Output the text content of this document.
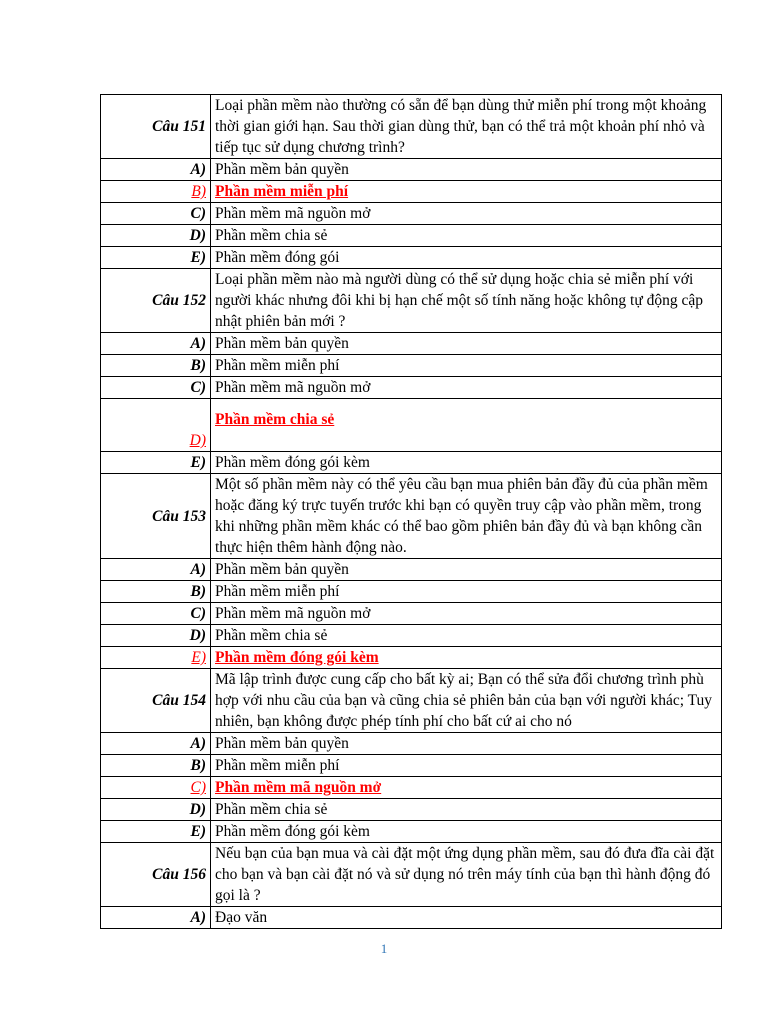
Câu 151	Loại phần mềm nào thường có sẵn để bạn dùng thử miễn phí trong một khoảng thời gian giới hạn. Sau thời gian dùng thử, bạn có thể trả một khoản phí nhỏ và tiếp tục sử dụng chương trình?
A)	Phần mềm bản quyền
B)	Phần mềm miễn phí
C)	Phần mềm mã nguồn mở
D)	Phần mềm chia sẻ
E)	Phần mềm đóng gói
Câu 152	Loại phần mềm nào mà người dùng có thể sử dụng hoặc chia sẻ miễn phí với người khác nhưng đôi khi bị hạn chế một số tính năng hoặc không tự động cập nhật phiên bản mới ?
A)	Phần mềm bản quyền
B)	Phần mềm miễn phí
C)	Phần mềm mã nguồn mở
D)	Phần mềm chia sẻ
E)	Phần mềm đóng gói kèm
Câu 153	Một số phần mềm này có thể yêu cầu bạn mua phiên bản đầy đủ của phần mềm hoặc đăng ký trực tuyến trước khi bạn có quyền truy cập vào phần mềm, trong khi những phần mềm khác có thể bao gồm phiên bản đầy đủ và bạn không cần thực hiện thêm hành động nào.
A)	Phần mềm bản quyền
B)	Phần mềm miễn phí
C)	Phần mềm mã nguồn mở
D)	Phần mềm chia sẻ
E)	Phần mềm đóng gói kèm
Câu 154	Mã lập trình được cung cấp cho bất kỳ ai; Bạn có thể sửa đổi chương trình phù hợp với nhu cầu của bạn và cũng chia sẻ phiên bản của bạn với người khác; Tuy nhiên, bạn không được phép tính phí cho bất cứ ai cho nó
A)	Phần mềm bản quyền
B)	Phần mềm miễn phí
C)	Phần mềm mã nguồn mở
D)	Phần mềm chia sẻ
E)	Phần mềm đóng gói kèm
Câu 156	Nếu bạn của bạn mua và cài đặt một ứng dụng phần mềm, sau đó đưa đĩa cài đặt cho bạn và bạn cài đặt nó và sử dụng nó trên máy tính của bạn thì hành động đó gọi là ?
A)	Đạo văn
1
